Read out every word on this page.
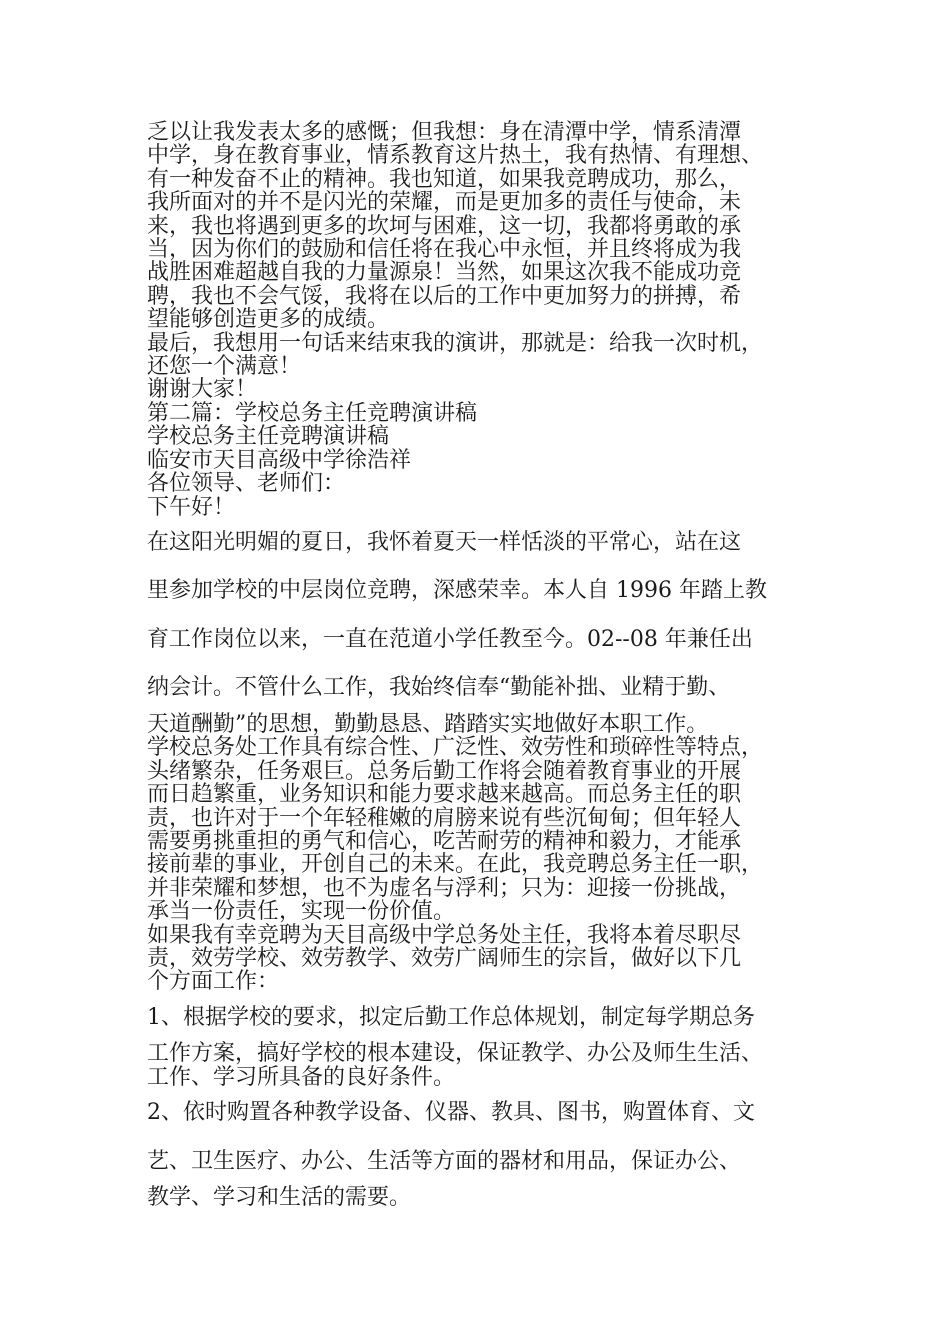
乏以让我发表太多的感慨；但我想：身在清潭中学，情系清潭
中学，身在教育事业，情系教育这片热土，我有热情、有理想、
有一种发奋不止的精神。我也知道，如果我竞聘成功，那么，
我所面对的并不是闪光的荣耀，而是更加多的责任与使命，未
来，我也将遇到更多的坎坷与困难，这一切，我都将勇敢的承
当，因为你们的鼓励和信任将在我心中永恒，并且终将成为我
战胜困难超越自我的力量源泉！当然，如果这次我不能成功竞
聘，我也不会气馁，我将在以后的工作中更加努力的拼搏，希
望能够创造更多的成绩。
最后，我想用一句话来结束我的演讲，那就是：给我一次时机，
还您一个满意！
谢谢大家！
第二篇：学校总务主任竞聘演讲稿
学校总务主任竞聘演讲稿
临安市天目高级中学徐浩祥
各位领导、老师们：
下午好！
在这阳光明媚的夏日，我怀着夏天一样恬淡的平常心，站在这
里参加学校的中层岗位竞聘，深感荣幸。本人自 1996 年踏上教
育工作岗位以来，一直在范道小学任教至今。02--08 年兼任出
纳会计。不管什么工作，我始终信奉“勤能补拙、业精于勤、
天道酬勤”的思想，勤勤恳恳、踏踏实实地做好本职工作。
学校总务处工作具有综合性、广泛性、效劳性和琐碎性等特点，
头绪繁杂，任务艰巨。总务后勤工作将会随着教育事业的开展
而日趋繁重，业务知识和能力要求越来越高。而总务主任的职
责，也许对于一个年轻稚嫩的肩膀来说有些沉甸甸；但年轻人
需要勇挑重担的勇气和信心，吃苦耐劳的精神和毅力，才能承
接前辈的事业，开创自己的未来。在此，我竞聘总务主任一职，
并非荣耀和梦想，也不为虚名与浮利；只为：迎接一份挑战，
承当一份责任，实现一份价值。
如果我有幸竞聘为天目高级中学总务处主任，我将本着尽职尽
责，效劳学校、效劳教学、效劳广阔师生的宗旨，做好以下几
个方面工作：
1、根据学校的要求，拟定后勤工作总体规划，制定每学期总务
工作方案，搞好学校的根本建设，保证教学、办公及师生生活、
工作、学习所具备的良好条件。
2、依时购置各种教学设备、仪器、教具、图书，购置体育、文
艺、卫生医疗、办公、生活等方面的器材和用品，保证办公、
教学、学习和生活的需要。
